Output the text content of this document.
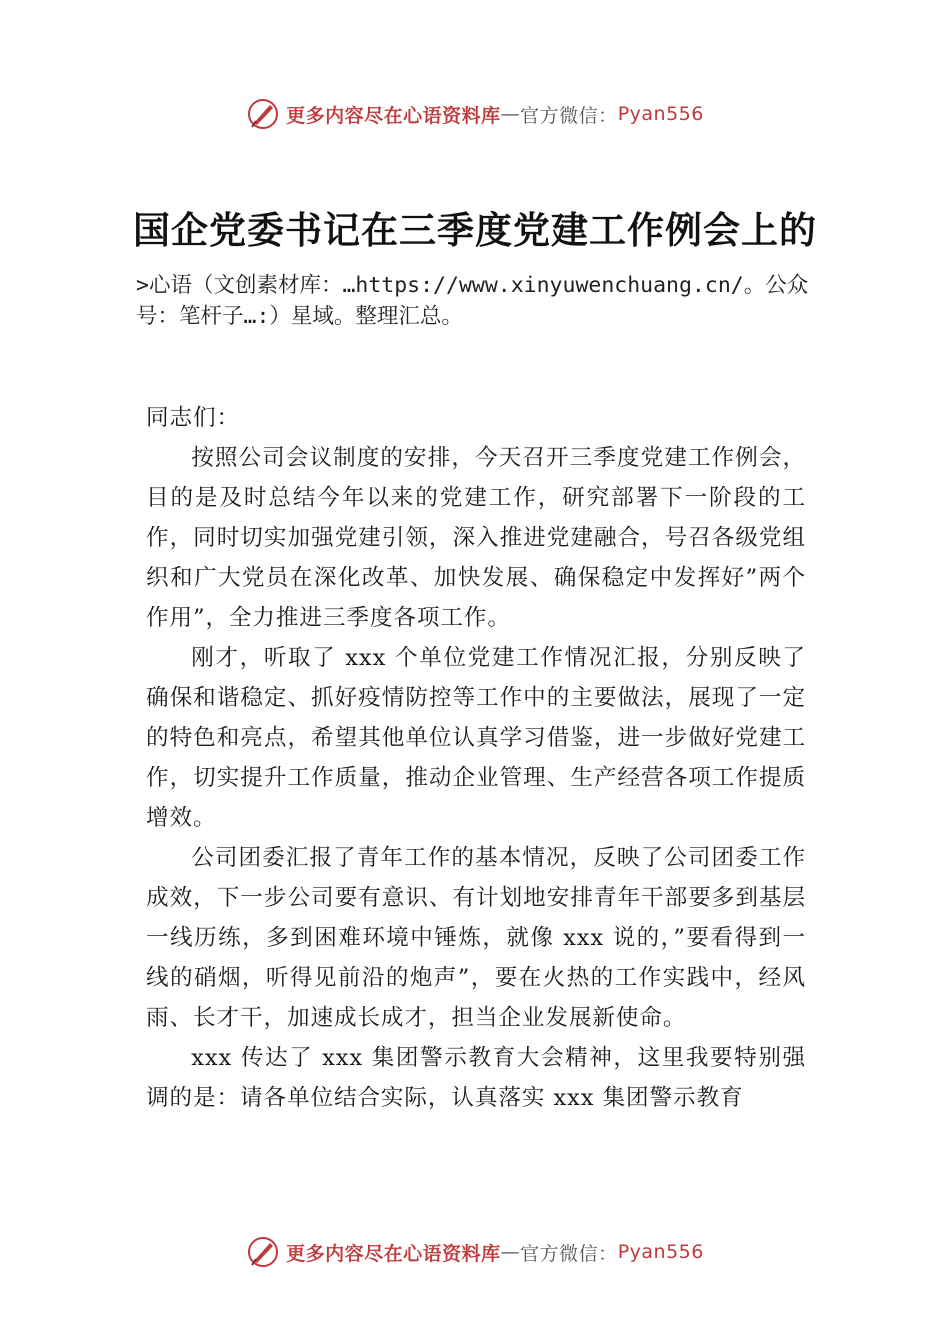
更多内容尽在心语资料库 — 官方微信： Pyan556
国企党委书记在三季度党建工作例会上的
>心语（文创素材库：…https://www.xinyuwenchuang.cn/。公众号：笔杆子…:）星域。整理汇总。

同志们：

按照公司会议制度的安排，今天召开三季度党建工作例会，目的是及时总结今年以来的党建工作，研究部署下一阶段的工作，同时切实加强党建引领，深入推进党建融合，号召各级党组织和广大党员在深化改革、加快发展、确保稳定中发挥好”两个作用”，全力推进三季度各项工作。

刚才，听取了 xxx 个单位党建工作情况汇报，分别反映了确保和谐稳定、抓好疫情防控等工作中的主要做法，展现了一定的特色和亮点，希望其他单位认真学习借鉴，进一步做好党建工作，切实提升工作质量，推动企业管理、生产经营各项工作提质增效。

公司团委汇报了青年工作的基本情况，反映了公司团委工作成效，下一步公司要有意识、有计划地安排青年干部要多到基层一线历练，多到困难环境中锤炼，就像 xxx 说的，”要看得到一线的硝烟，听得见前沿的炮声”，要在火热的工作实践中，经风雨、长才干，加速成长成才，担当企业发展新使命。

xxx 传达了 xxx 集团警示教育大会精神，这里我要特别强调的是：请各单位结合实际，认真落实 xxx 集团警示教育

更多内容尽在心语资料库 — 官方微信： Pyan556
